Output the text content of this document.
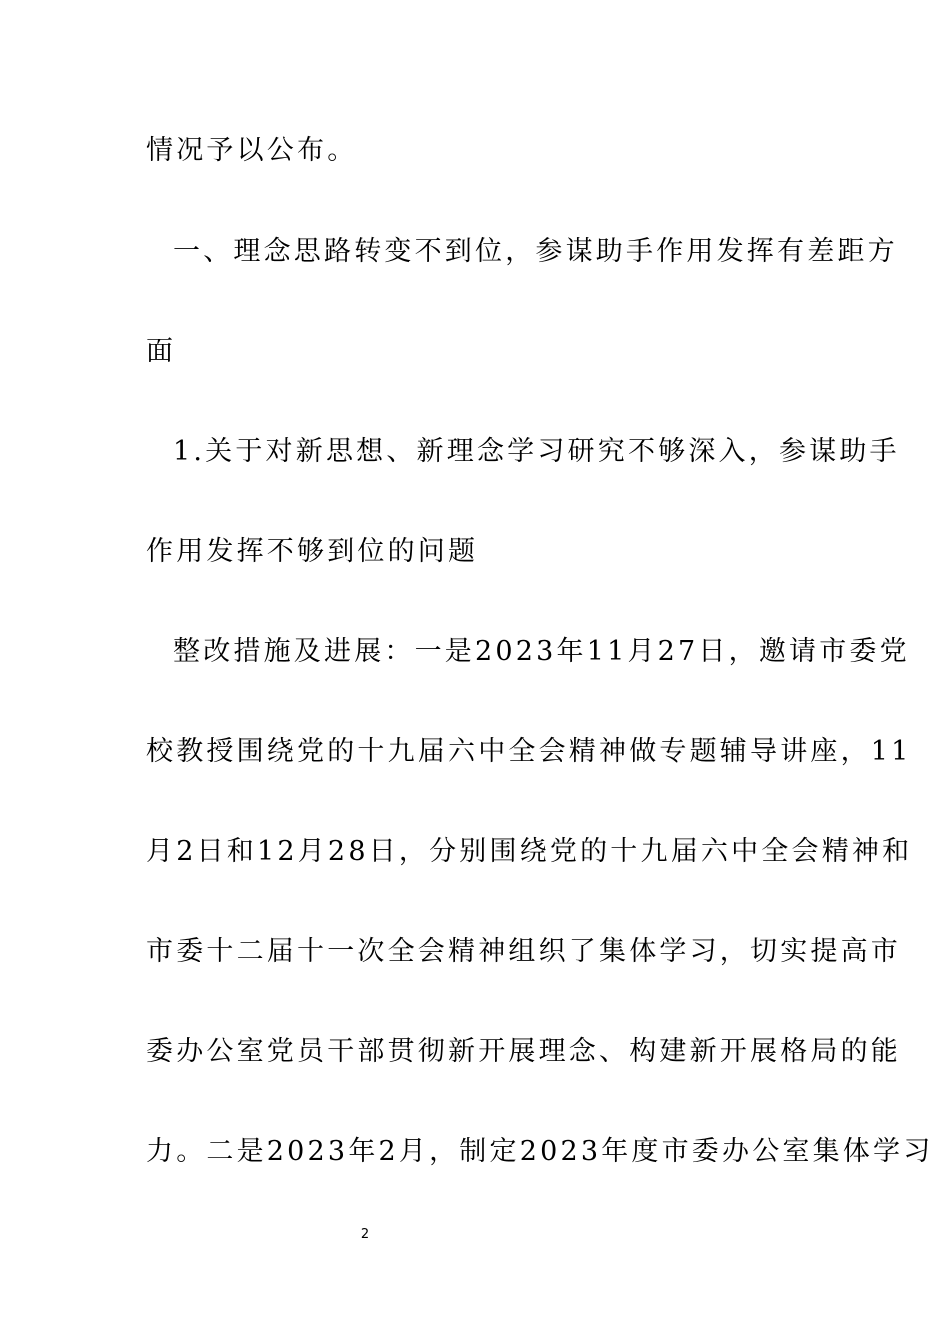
情况予以公布。
一、理念思路转变不到位，参谋助手作用发挥有差距方
面
1.关于对新思想、新理念学习研究不够深入，参谋助手
作用发挥不够到位的问题
整改措施及进展：一是2023年11月27日，邀请市委党
校教授围绕党的十九届六中全会精神做专题辅导讲座，11
月2日和12月28日，分别围绕党的十九届六中全会精神和
市委十二届十一次全会精神组织了集体学习，切实提高市
委办公室党员干部贯彻新开展理念、构建新开展格局的能
力。二是2023年2月，制定2023年度市委办公室集体学习
2
